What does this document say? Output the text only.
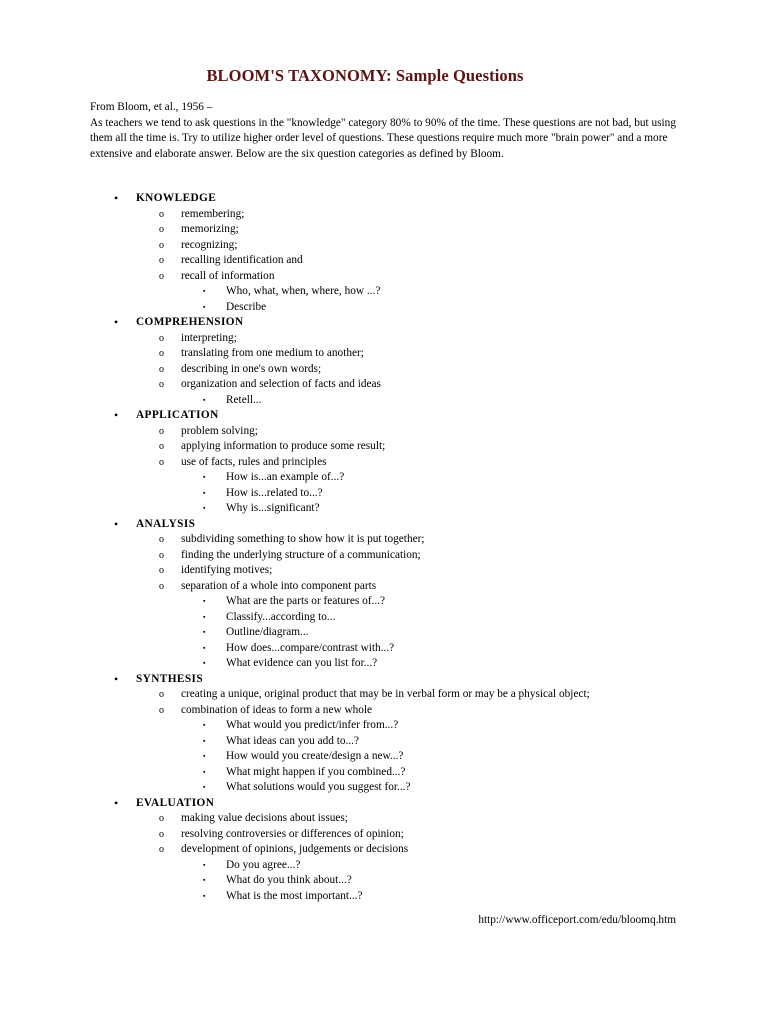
BLOOM'S TAXONOMY: Sample Questions

From Bloom, et al., 1956 –

As teachers we tend to ask questions in the "knowledge" category 80% to 90% of the time. These questions are not bad, but using them all the time is. Try to utilize higher order level of questions. These questions require much more "brain power" and a more extensive and elaborate answer. Below are the six question categories as defined by Bloom.

• KNOWLEDGE
o remembering;
o memorizing;
o recognizing;
o recalling identification and
o recall of information
▪ Who, what, when, where, how ...?
▪ Describe
• COMPREHENSION
o interpreting;
o translating from one medium to another;
o describing in one's own words;
o organization and selection of facts and ideas
▪ Retell...
• APPLICATION
o problem solving;
o applying information to produce some result;
o use of facts, rules and principles
▪ How is...an example of...?
▪ How is...related to...?
▪ Why is...significant?
• ANALYSIS
o subdividing something to show how it is put together;
o finding the underlying structure of a communication;
o identifying motives;
o separation of a whole into component parts
▪ What are the parts or features of...?
▪ Classify...according to...
▪ Outline/diagram...
▪ How does...compare/contrast with...?
▪ What evidence can you list for...?
• SYNTHESIS
o creating a unique, original product that may be in verbal form or may be a physical object;
o combination of ideas to form a new whole
▪ What would you predict/infer from...?
▪ What ideas can you add to...?
▪ How would you create/design a new...?
▪ What might happen if you combined...?
▪ What solutions would you suggest for...?
• EVALUATION
o making value decisions about issues;
o resolving controversies or differences of opinion;
o development of opinions, judgements or decisions
▪ Do you agree...?
▪ What do you think about...?
▪ What is the most important...?
http://www.officeport.com/edu/bloomq.htm
